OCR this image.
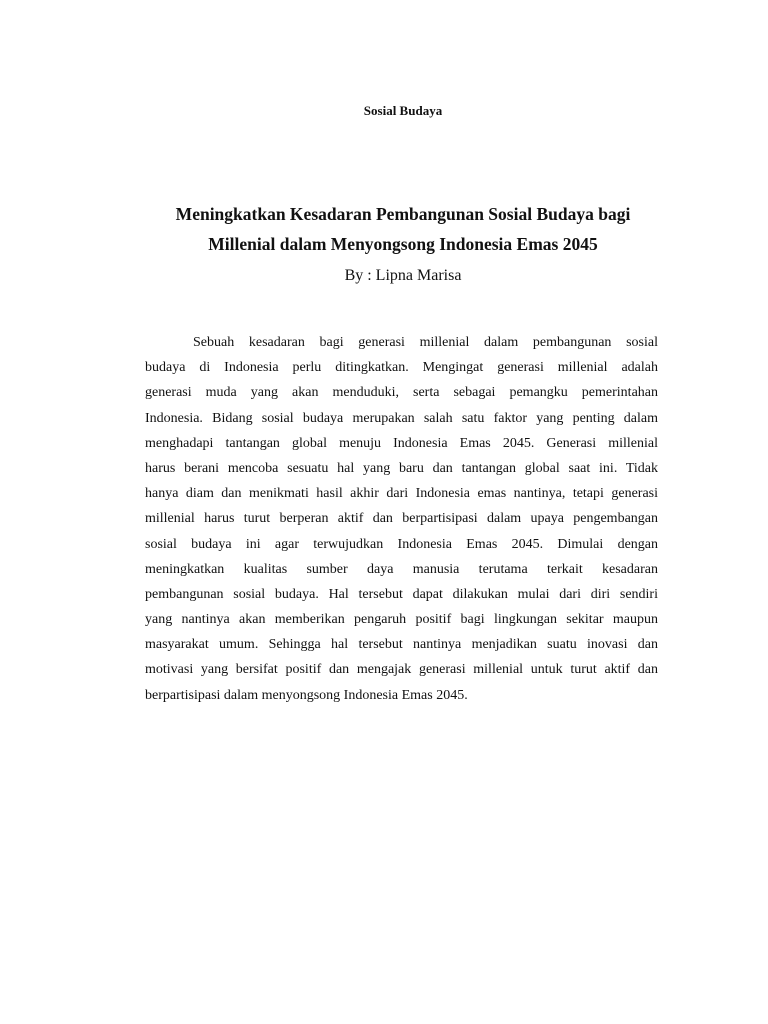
Sosial Budaya
Meningkatkan Kesadaran Pembangunan Sosial Budaya bagi
Millenial dalam Menyongsong Indonesia Emas 2045
By : Lipna Marisa

Sebuah kesadaran bagi generasi millenial dalam pembangunan sosial
budaya di Indonesia perlu ditingkatkan. Mengingat generasi millenial adalah
generasi muda yang akan menduduki, serta sebagai pemangku pemerintahan
Indonesia. Bidang sosial budaya merupakan salah satu faktor yang penting dalam
menghadapi tantangan global menuju Indonesia Emas 2045. Generasi millenial
harus berani mencoba sesuatu hal yang baru dan tantangan global saat ini. Tidak
hanya diam dan menikmati hasil akhir dari Indonesia emas nantinya, tetapi generasi
millenial harus turut berperan aktif dan berpartisipasi dalam upaya pengembangan
sosial budaya ini agar terwujudkan Indonesia Emas 2045. Dimulai dengan
meningkatkan kualitas sumber daya manusia terutama terkait kesadaran
pembangunan sosial budaya. Hal tersebut dapat dilakukan mulai dari diri sendiri
yang nantinya akan memberikan pengaruh positif bagi lingkungan sekitar maupun
masyarakat umum. Sehingga hal tersebut nantinya menjadikan suatu inovasi dan
motivasi yang bersifat positif dan mengajak generasi millenial untuk turut aktif dan
berpartisipasi dalam menyongsong Indonesia Emas 2045.
